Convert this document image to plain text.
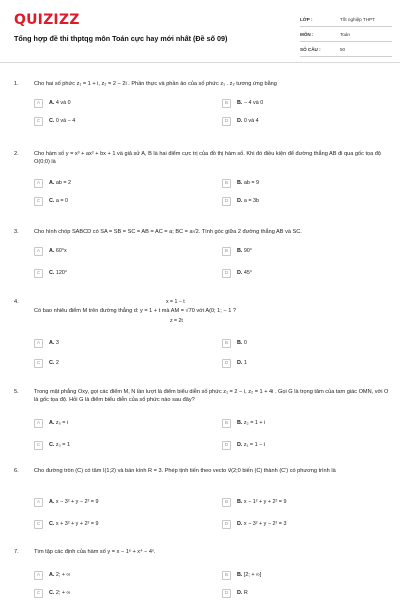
QUIZIZZ
Tổng hợp đề thi thptqg môn Toán cực hay mới nhất (Đề số 09)
LỚP :	Tốt nghiệp THPT
MÔN :	Toán
SỐ CÂU :	50
1.	Cho hai số phức z₁ = 1 + i, z₂ = 2 − 2i . Phần thực và phần ảo của số phức z₁ . z₂ tương ứng bằng
A	A. 4 và 0	B	B. − 4 và 0
C	C. 0 và − 4	D	D. 0 và 4
2.	Cho hàm số y = x³ + ax² + bx + 1 và giả sử A, B là hai điểm cực trị của đồ thị hàm số. Khi đó điều kiện để đường thẳng AB đi qua gốc tọa độ O(0;0) là
A	A. ab = 2	B	B. ab = 9
C	C. a = 0	D	D. a = 3b
3.	Cho hình chóp SABCD có SA = SB = SC = AB = AC = a; BC = a√2. Tính góc giữa 2 đường thẳng AB và SC.
A	A. 60°x	B	B. 90°
C	C. 120°	D	D. 45°
x = 1 − t
4.
Có bao nhiêu điểm M trên đường thẳng d: y = 1 + t mà AM = √70 với A(0; 1; − 1 ?
z = 2t
A	A. 3	B	B. 0
C	C. 2	D	D. 1
5.	Trong mặt phẳng Oxy, gọi các điểm M, N lần lượt là điểm biểu diễn số phức z₁ = 2 − i, z₂ = 1 + 4i . Gọi G là trọng tâm của tam giác OMN, với O là gốc tọa độ. Hỏi G là điểm biểu diễn của số phức nào sau đây?
A	A. z₅ = i	B	B. z₂ = 1 + i
C	C. z₃ = 1	D	D. z₁ = 1 − i
6.	Cho đường tròn (C) có tâm I(1;2) và bán kính R = 3. Phép tịnh tiến theo vecto v⃗(2;0 biến (C) thành (C') có phương trình là
A	A. x − 3² + y − 2² = 9	B	B. x − 1² + y + 2² = 9
C	C. x + 3² + y + 2² = 9	D	D. x − 3² + y − 2² = 3
7.	Tìm tập các định của hàm số y = x − 1ᵉ + x⁴ − 4ˣ.
A	A. 2; + ∞	B	B. [2; + ∞]
C	C. 2; + ∞	D	D. R
